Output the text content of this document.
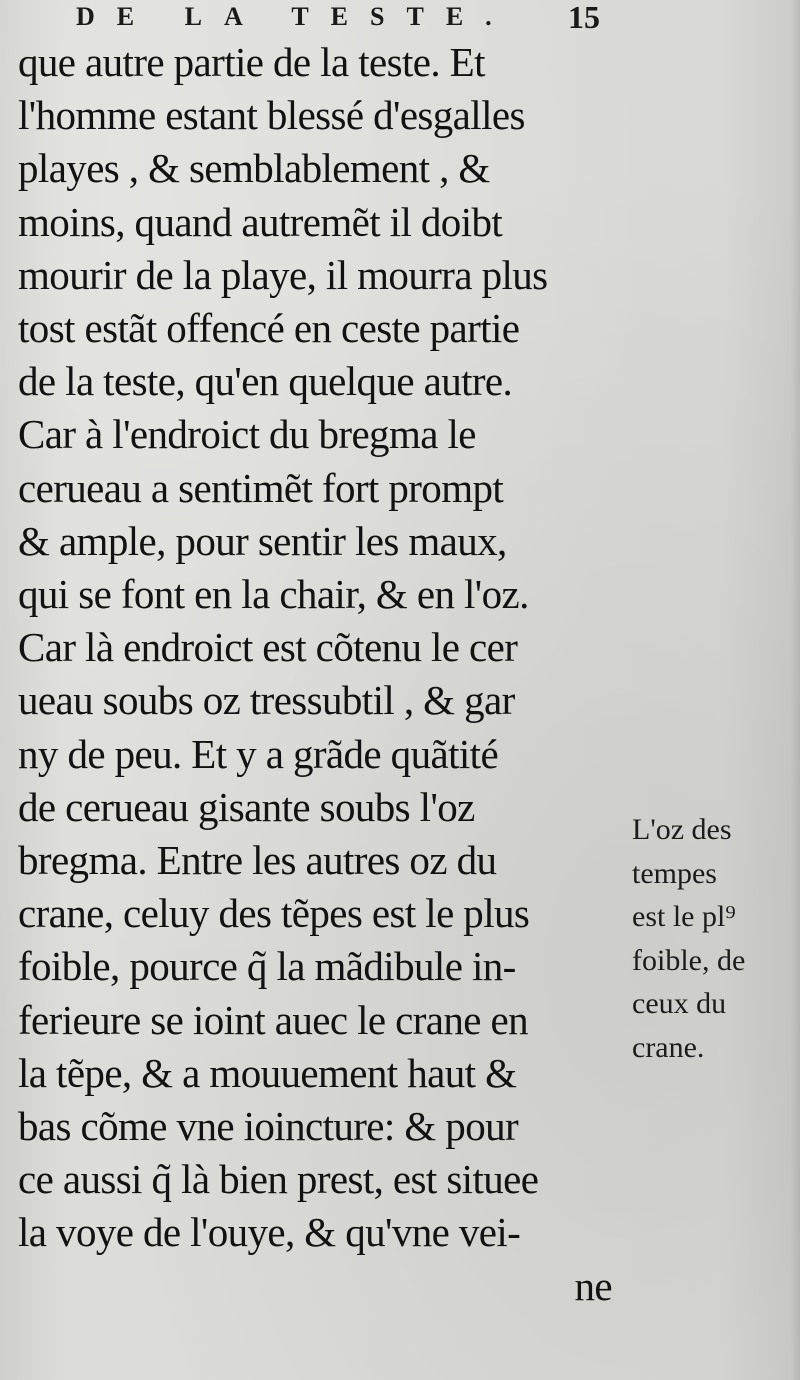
DE LA TESTE.	15
que autre partie de la teste. Et
l'homme estant blessé d'esgalles
playes , & semblablement , &
moins, quand autremẽt il doibt
mourir de la playe, il mourra plus
tost estãt offencé en ceste partie
de la teste, qu'en quelque autre.
Car à l'endroict du bregma le
cerueau a sentimẽt fort prompt
& ample, pour sentir les maux,
qui se font en la chair, & en l'oz.
Car là endroict est cõtenu le cer
ueau soubs oz tressubtil , & gar
ny de peu. Et y a grãde quãtité
de cerueau gisante soubs l'oz
bregma. Entre les autres oz du
crane, celuy des tẽpes est le plus
foible, pource q̃ la mãdibule in-
ferieure se ioint auec le crane en
la tẽpe, & a mouuement haut &
bas cõme vne ioincture: & pour
ce aussi q̃ là bien prest, est situee
la voye de l'ouye, & qu'vne vei-
ne
L'oz des
tempes
est le pl⁹
foible, de
ceux du
crane.
